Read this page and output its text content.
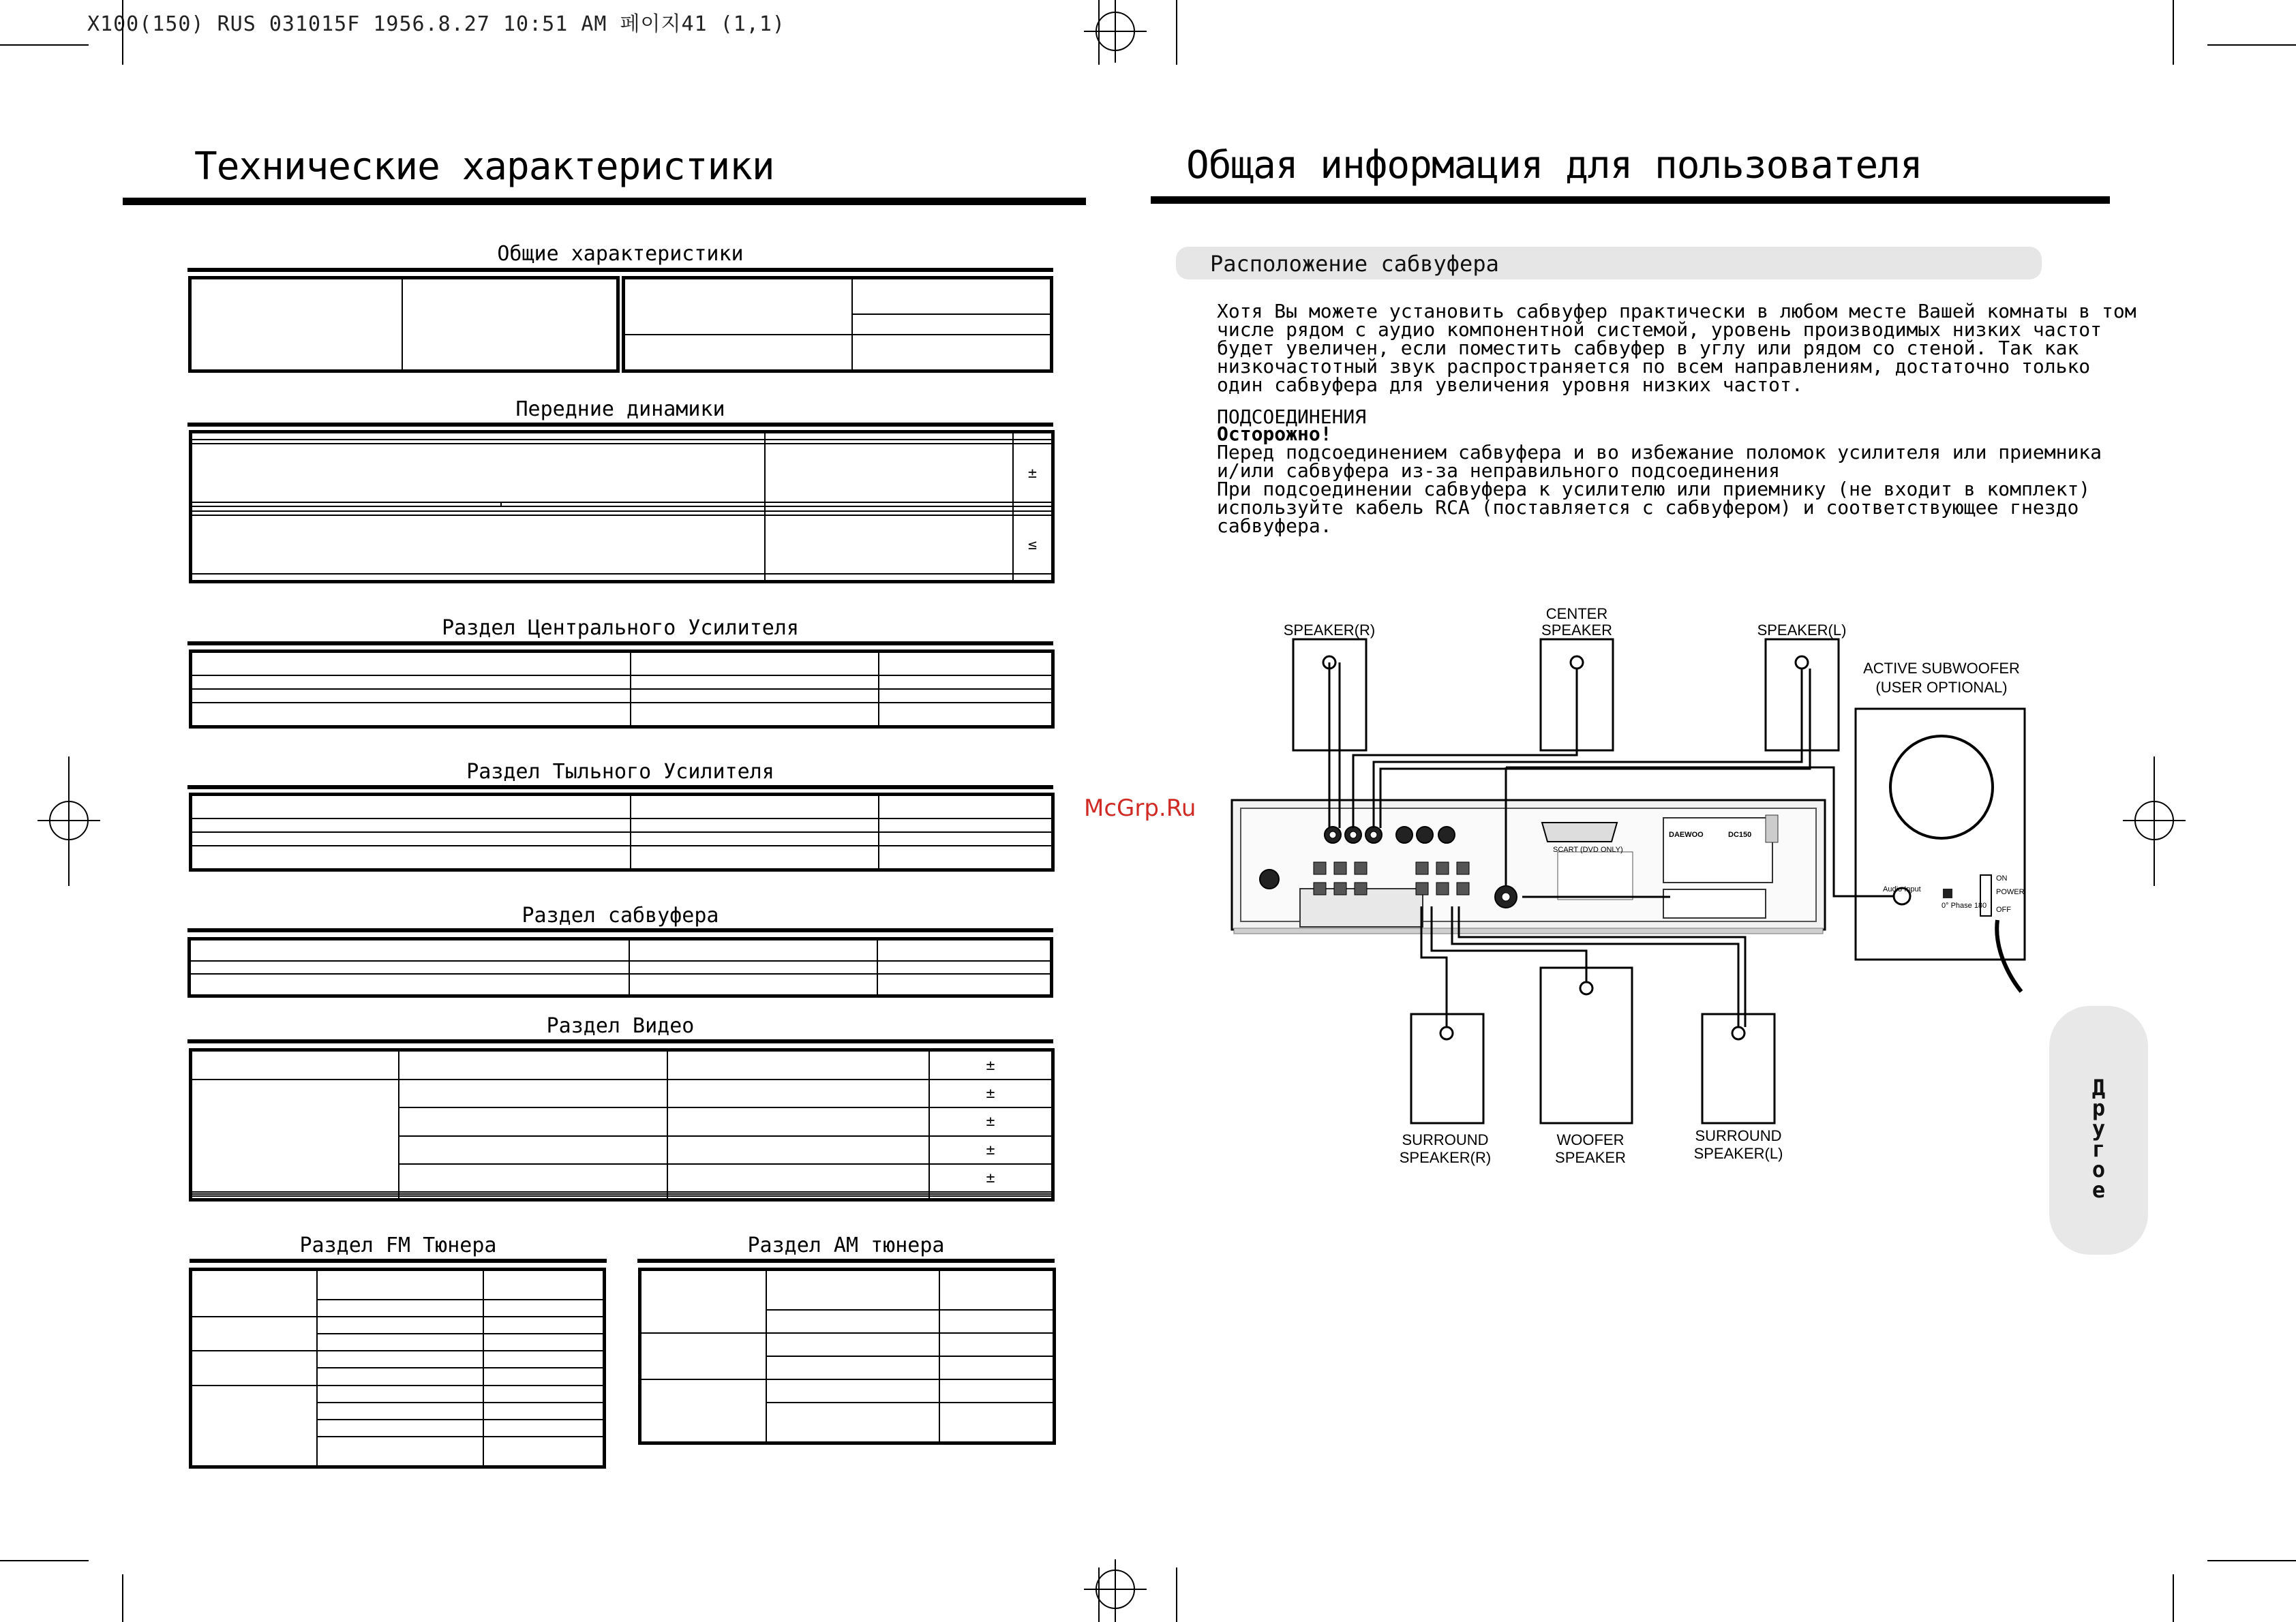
X100(150) RUS 031015F 1956.8.27 10:51 AM 페이지41 (1,1)
Технические характеристики
Общие характеристики

Передние динамики

			±

			≤

Раздел Центрального Усилителя

Раздел Тыльного Усилителя

Раздел сабвуфера

Раздел Видео
			±
			±
			±
			±
			±

Раздел FM Тюнера

		Раздел AM тюнера

Общая информация для пользователя
Расположение сабвуфера
Хотя Вы можете установить сабвуфер практически в любом месте Вашей комнаты в том
числе рядом с аудио компонентной системой, уровень производимых низких частот
будет увеличен, если поместить сабвуфер в углу или рядом со стеной. Так как
низкочастотный звук распространяется по всем направлениям, достаточно только
один сабвуфера для увеличения уровня низких частот.
ПОДСОЕДИНЕНИЯ
Осторожно!
Перед подсоединением сабвуфера и во избежание поломок усилителя или приемника
и/или сабвуфера из-за неправильного подсоединения
При подсоединении сабвуфера к усилителю или приемнику (не входит в комплект)
используйте кабель RCA (поставляется с сабвуфером) и соответствующее гнездо
сабвуфера.
McGrp.Ru
Д
р
у
г
о
е
SPEAKER(R)
CENTER
SPEAKER	SPEAKER(L)
ACTIVE SUBWOOFER
(USER OPTIONAL)
SURROUND
SPEAKER(R)
WOOFER
SPEAKER
SURROUND
SPEAKER(L)
Audio Input
0° Phase 180
ON
POWER
OFF
DAEWOO	DC150
SCART (DVD ONLY)
